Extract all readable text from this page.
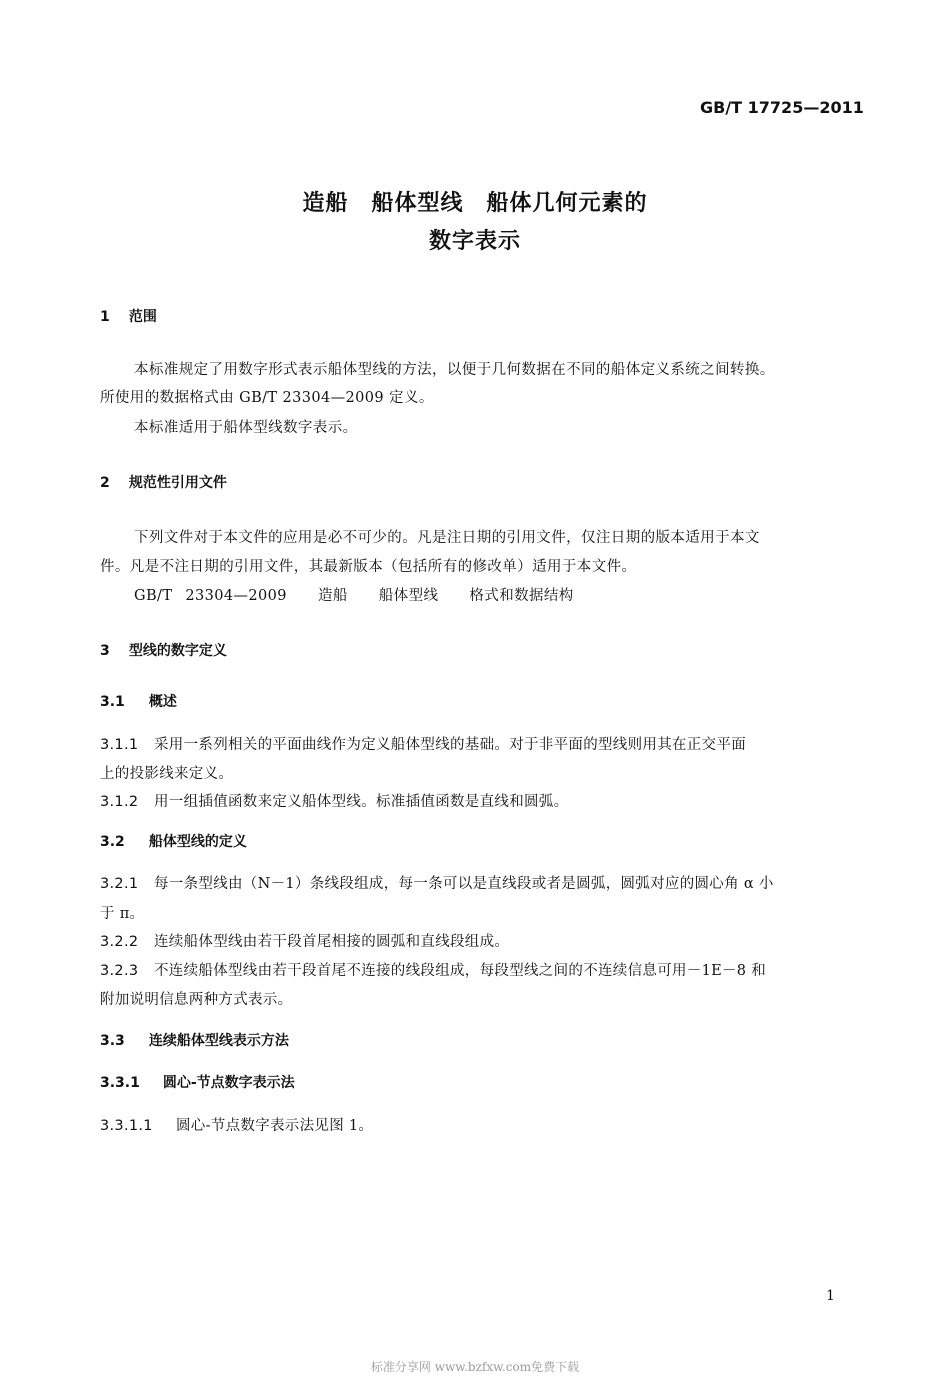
GB/T 17725—2011
造船　船体型线　船体几何元素的
数字表示
1 范围
本标准规定了用数字形式表示船体型线的方法，以便于几何数据在不同的船体定义系统之间转换。
所使用的数据格式由 GB/T 23304—2009 定义。
本标准适用于船体型线数字表示。
2 规范性引用文件
下列文件对于本文件的应用是必不可少的。凡是注日期的引用文件，仅注日期的版本适用于本文
件。凡是不注日期的引用文件，其最新版本（包括所有的修改单）适用于本文件。
GB/T 23304—2009 造船 船体型线 格式和数据结构
3 型线的数字定义
3.1 概述
3.1.1 采用一系列相关的平面曲线作为定义船体型线的基础。对于非平面的型线则用其在正交平面
上的投影线来定义。
3.1.2 用一组插值函数来定义船体型线。标准插值函数是直线和圆弧。
3.2 船体型线的定义
3.2.1 每一条型线由（N－1）条线段组成，每一条可以是直线段或者是圆弧，圆弧对应的圆心角 α 小
于 π。
3.2.2 连续船体型线由若干段首尾相接的圆弧和直线段组成。
3.2.3 不连续船体型线由若干段首尾不连接的线段组成，每段型线之间的不连续信息可用－1E－8 和
附加说明信息两种方式表示。
3.3 连续船体型线表示方法
3.3.1 圆心-节点数字表示法
3.3.1.1 圆心-节点数字表示法见图 1。
1
标准分享网 www.bzfxw.com免费下载
